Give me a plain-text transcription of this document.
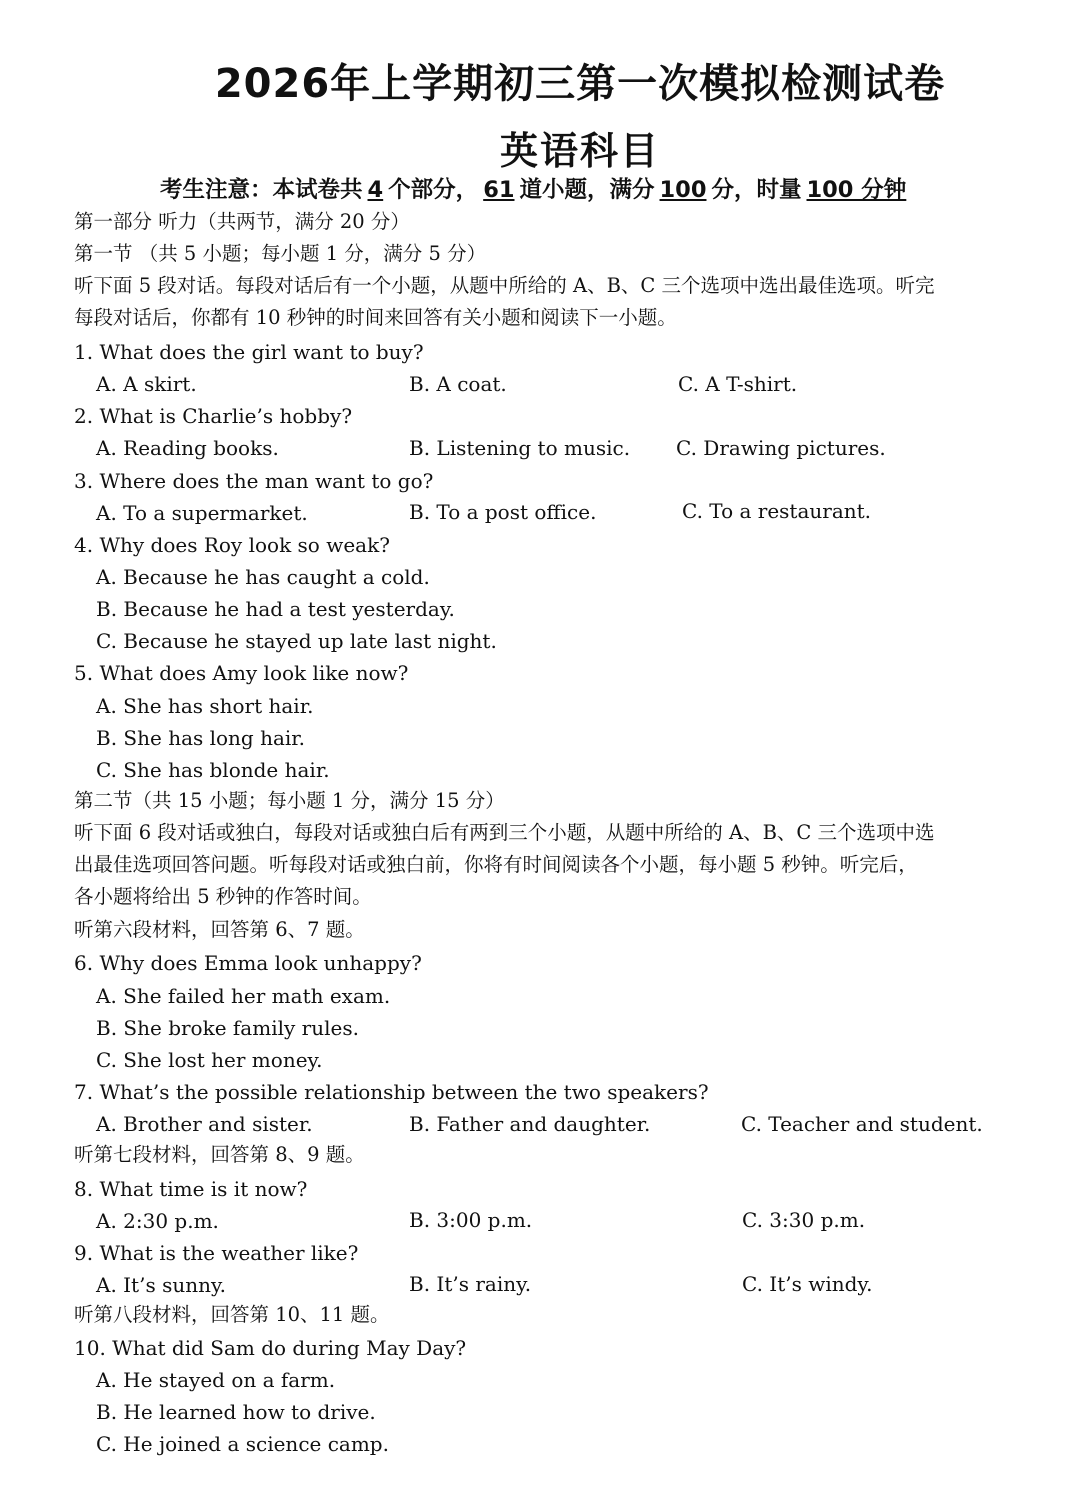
2026年上学期初三第一次模拟检测试卷
英语科目
考生注意：本试卷共 4 个部分， 61 道小题，满分 100 分，时量 100 分钟
第一部分 听力（共两节，满分 20 分）
第一节 （共 5 小题；每小题 1 分，满分 5 分）
听下面 5 段对话。每段对话后有一个小题，从题中所给的 A、B、C 三个选项中选出最佳选项。听完
每段对话后，你都有 10 秒钟的时间来回答有关小题和阅读下一小题。
1. What does the girl want to buy?
A. A skirt.	B. A coat.	C. A T-shirt.
2. What is Charlie’s hobby?
A. Reading books.	B. Listening to music. C. Drawing pictures.
3. Where does the man want to go?
A. To a supermarket.	B. To a post office.	C. To a restaurant.
4. Why does Roy look so weak?
A. Because he has caught a cold.
B. Because he had a test yesterday.
C. Because he stayed up late last night.
5. What does Amy look like now?
A. She has short hair.
B. She has long hair.
C. She has blonde hair.
第二节（共 15 小题；每小题 1 分，满分 15 分）
听下面 6 段对话或独白，每段对话或独白后有两到三个小题，从题中所给的 A、B、C 三个选项中选
出最佳选项回答问题。听每段对话或独白前，你将有时间阅读各个小题，每小题 5 秒钟。听完后，
各小题将给出 5 秒钟的作答时间。
听第六段材料，回答第 6、7 题。
6. Why does Emma look unhappy?
A. She failed her math exam.
B. She broke family rules.
C. She lost her money.
7. What’s the possible relationship between the two speakers?
A. Brother and sister.	B. Father and daughter.	C. Teacher and student.
听第七段材料，回答第 8、9 题。
8. What time is it now?
A. 2:30 p.m.	B. 3:00 p.m.	C. 3:30 p.m.
9. What is the weather like?
A. It’s sunny.	B. It’s rainy.	C. It’s windy.
听第八段材料，回答第 10、11 题。
10. What did Sam do during May Day?
A. He stayed on a farm.
B. He learned how to drive.
C. He joined a science camp.
